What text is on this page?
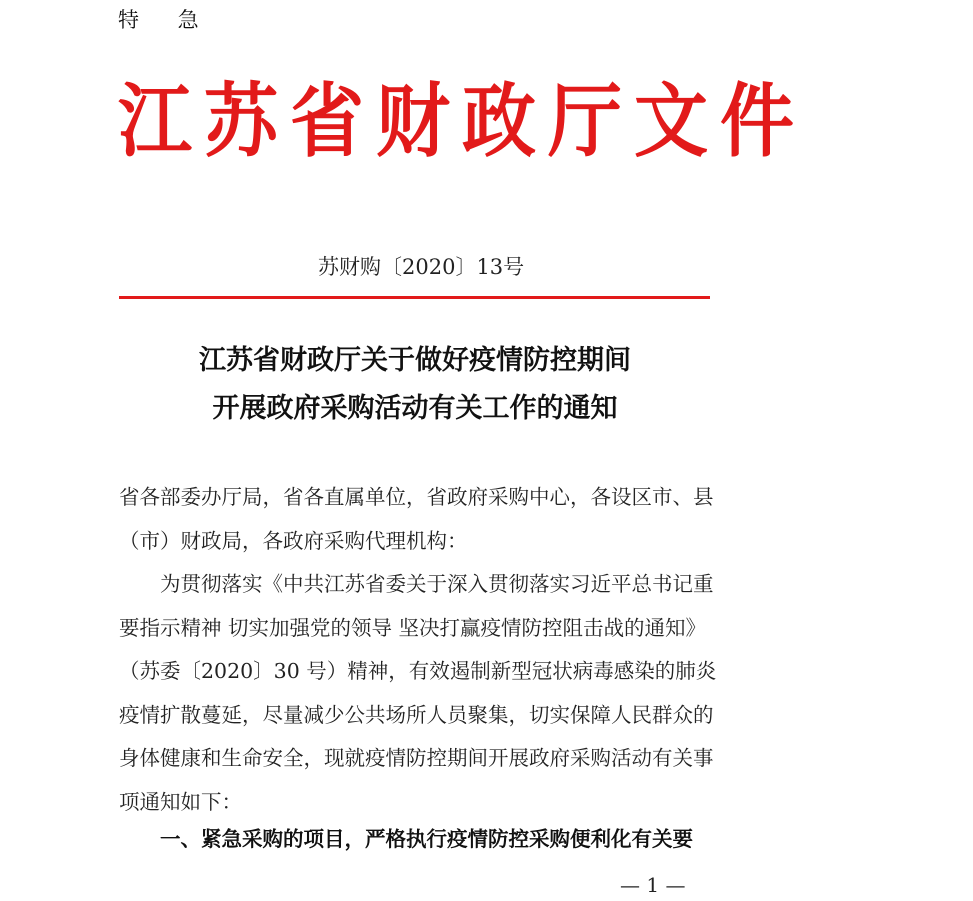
特 急
江苏省财政厅文件
苏财购〔2020〕13号
江苏省财政厅关于做好疫情防控期间
开展政府采购活动有关工作的通知

省各部委办厅局，省各直属单位，省政府采购中心，各设区市、县（市）财政局，各政府采购代理机构：

为贯彻落实《中共江苏省委关于深入贯彻落实习近平总书记重要指示精神 切实加强党的领导 坚决打赢疫情防控阻击战的通知》（苏委〔2020〕30 号）精神，有效遏制新型冠状病毒感染的肺炎疫情扩散蔓延，尽量减少公共场所人员聚集，切实保障人民群众的身体健康和生命安全，现就疫情防控期间开展政府采购活动有关事项通知如下：

一、紧急采购的项目，严格执行疫情防控采购便利化有关要
— 1 —
